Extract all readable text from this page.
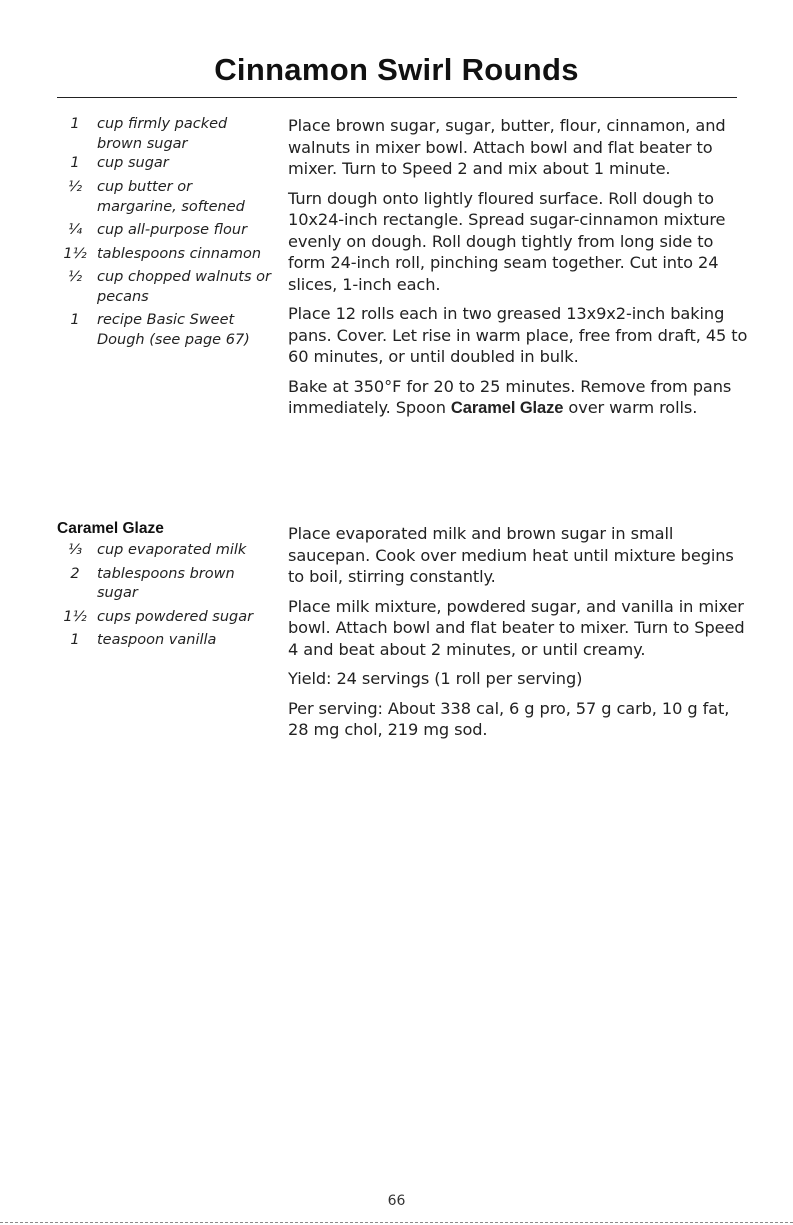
Cinnamon Swirl Rounds
1	cup firmly packed brown sugar
1	cup sugar
½	cup butter or margarine, softened
¼	cup all-purpose flour
1½ tablespoons cinnamon
½	cup chopped walnuts or pecans
1	recipe Basic Sweet Dough (see page 67)

Place brown sugar, sugar, butter, flour, cinnamon, and walnuts in mixer bowl. Attach bowl and flat beater to mixer. Turn to Speed 2 and mix about 1 minute.

Turn dough onto lightly floured surface. Roll dough to 10x24-inch rectangle. Spread sugar-cinnamon mixture evenly on dough. Roll dough tightly from long side to form 24-inch roll, pinching seam together. Cut into 24 slices, 1-inch each.

Place 12 rolls each in two greased 13x9x2-inch baking pans. Cover. Let rise in warm place, free from draft, 45 to 60 minutes, or until doubled in bulk.

Bake at 350°F for 20 to 25 minutes. Remove from pans immediately. Spoon Caramel Glaze over warm rolls.

Caramel Glaze
⅓	cup evaporated milk
2	tablespoons brown sugar
1½ cups powdered sugar
1	teaspoon vanilla

Place evaporated milk and brown sugar in small saucepan. Cook over medium heat until mixture begins to boil, stirring constantly.

Place milk mixture, powdered sugar, and vanilla in mixer bowl. Attach bowl and flat beater to mixer. Turn to Speed 4 and beat about 2 minutes, or until creamy.

Yield: 24 servings (1 roll per serving)

Per serving: About 338 cal, 6 g pro, 57 g carb, 10 g fat, 28 mg chol, 219 mg sod.

66
